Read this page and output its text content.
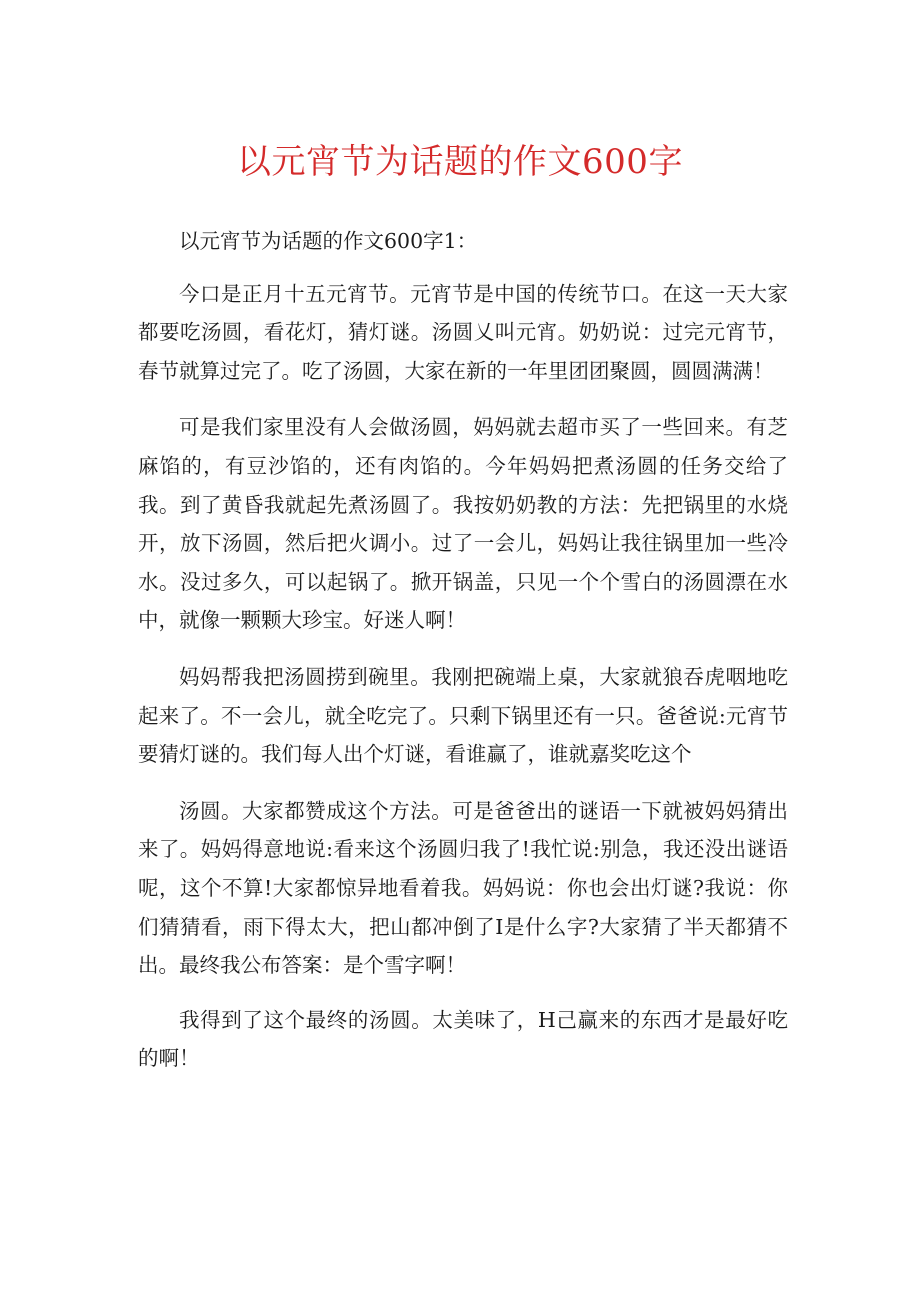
以元宵节为话题的作文600字

以元宵节为话题的作文600字1：

今口是正月十五元宵节。元宵节是中国的传统节口。在这一天大家都要吃汤圆，看花灯，猜灯谜。汤圆乂叫元宵。奶奶说：过完元宵节，春节就算过完了。吃了汤圆，大家在新的一年里团团聚圆，圆圆满满！

可是我们家里没有人会做汤圆，妈妈就去超市买了一些回来。有芝麻馅的，有豆沙馅的，还有肉馅的。今年妈妈把煮汤圆的任务交给了我。到了黄昏我就起先煮汤圆了。我按奶奶教的方法：先把锅里的水烧开，放下汤圆，然后把火调小。过了一会儿，妈妈让我往锅里加一些冷水。没过多久，可以起锅了。掀开锅盖，只见一个个雪白的汤圆漂在水中，就像一颗颗大珍宝。好迷人啊！

妈妈帮我把汤圆捞到碗里。我刚把碗端上桌，大家就狼吞虎咽地吃起来了。不一会儿，就全吃完了。只剩下锅里还有一只。爸爸说:元宵节要猜灯谜的。我们每人出个灯谜，看谁赢了，谁就嘉奖吃这个

汤圆。大家都赞成这个方法。可是爸爸出的谜语一下就被妈妈猜出来了。妈妈得意地说:看来这个汤圆归我了!我忙说:别急，我还没出谜语呢，这个不算!大家都惊异地看着我。妈妈说：你也会出灯谜?我说：你们猜猜看，雨下得太大，把山都冲倒了I是什么字?大家猜了半天都猜不出。最终我公布答案：是个雪字啊！

我得到了这个最终的汤圆。太美味了，H己赢来的东西才是最好吃的啊！
